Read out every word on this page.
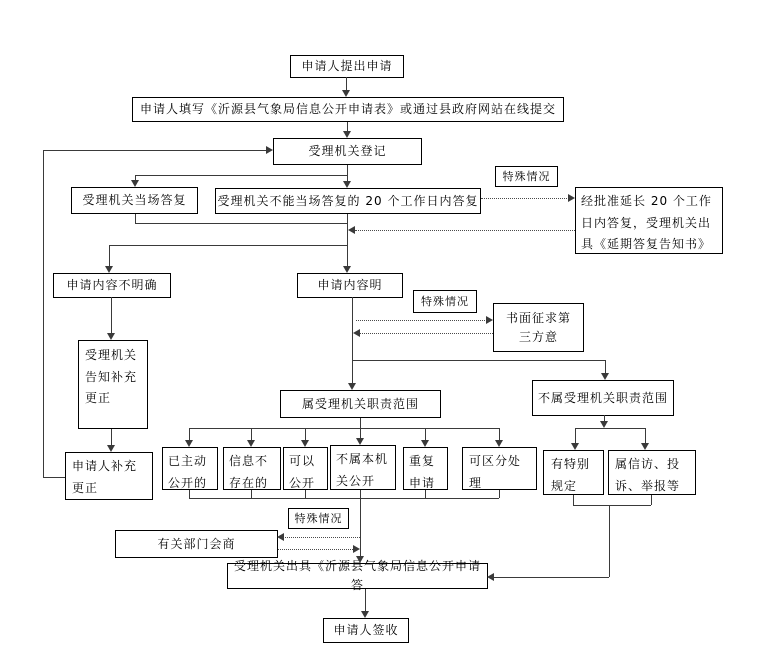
申请人提出申请
申请人填写《沂源县气象局信息公开申请表》或通过县政府网站在线提交
受理机关登记
受理机关当场答复	受理机关不能当场答复的 20 个工作日内答复
特殊情况
经批准延长 20 个工作日内答复，受理机关出具《延期答复告知书》
申请内容不明确	申请内容明
特殊情况
书面征求第三方意
受理机关告知补充更正	属受理机关职责范围	不属受理机关职责范围
申请人补充更正
已主动公开的
信息不存在的
可以公开
不属本机关公开
重复申请
可区分处理
有特别规定
属信访、投诉、举报等
特殊情况
有关部门会商
受理机关出具《沂源县气象局信息公开申请答
申请人签收
